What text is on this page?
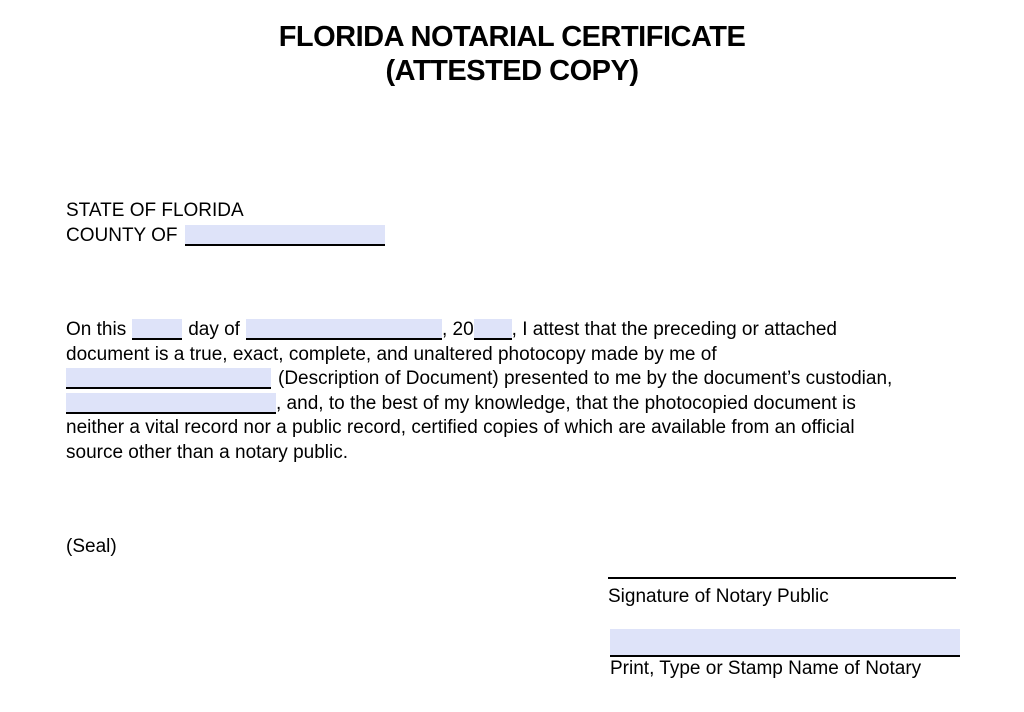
FLORIDA NOTARIAL CERTIFICATE
(ATTESTED COPY)
STATE OF FLORIDA
COUNTY OF
On this	day of	, 20 , I attest that the preceding or attached
document is a true, exact, complete, and unaltered photocopy made by me of
(Description of Document) presented to me by the document’s custodian,
, and, to the best of my knowledge, that the photocopied document is
neither a vital record nor a public record, certified copies of which are available from an official
source other than a notary public.
(Seal)
Signature of Notary Public
Print, Type or Stamp Name of Notary
